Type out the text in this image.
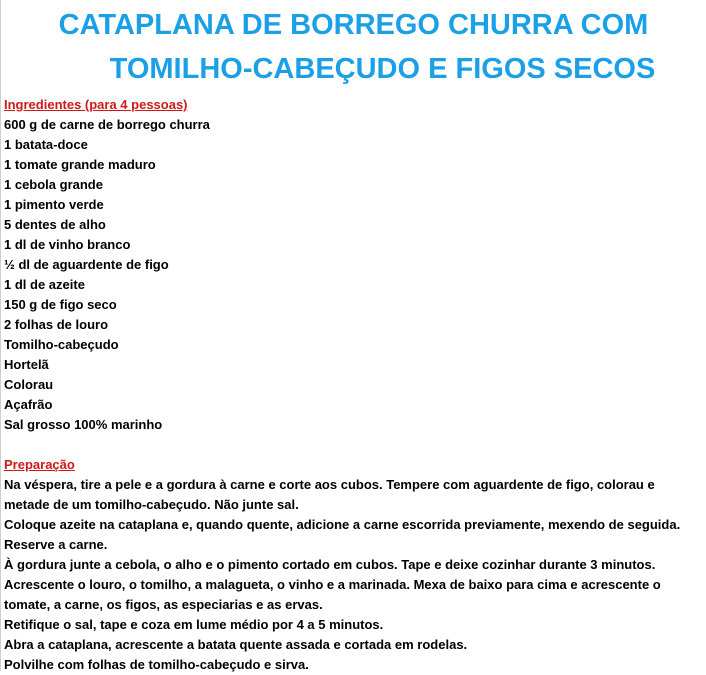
CATAPLANA DE BORREGO CHURRA COM
TOMILHO-CABEÇUDO E FIGOS SECOS

Ingredientes (para 4 pessoas)

600 g de carne de borrego churra

1 batata-doce

1 tomate grande maduro

1 cebola grande

1 pimento verde

5 dentes de alho

1 dl de vinho branco

½ dl de aguardente de figo

1 dl de azeite

150 g de figo seco

2 folhas de louro

Tomilho-cabeçudo

Hortelã

Colorau

Açafrão

Sal grosso 100% marinho

Preparação

Na véspera, tire a pele e a gordura à carne e corte aos cubos. Tempere com aguardente de figo, colorau e metade de um tomilho-cabeçudo. Não junte sal.

Coloque azeite na cataplana e, quando quente, adicione a carne escorrida previamente, mexendo de seguida. Reserve a carne.

À gordura junte a cebola, o alho e o pimento cortado em cubos. Tape e deixe cozinhar durante 3 minutos.

Acrescente o louro, o tomilho, a malagueta, o vinho e a marinada. Mexa de baixo para cima e acrescente o tomate, a carne, os figos, as especiarias e as ervas.

Retifique o sal, tape e coza em lume médio por 4 a 5 minutos.

Abra a cataplana, acrescente a batata quente assada e cortada em rodelas.

Polvilhe com folhas de tomilho-cabeçudo e sirva.
